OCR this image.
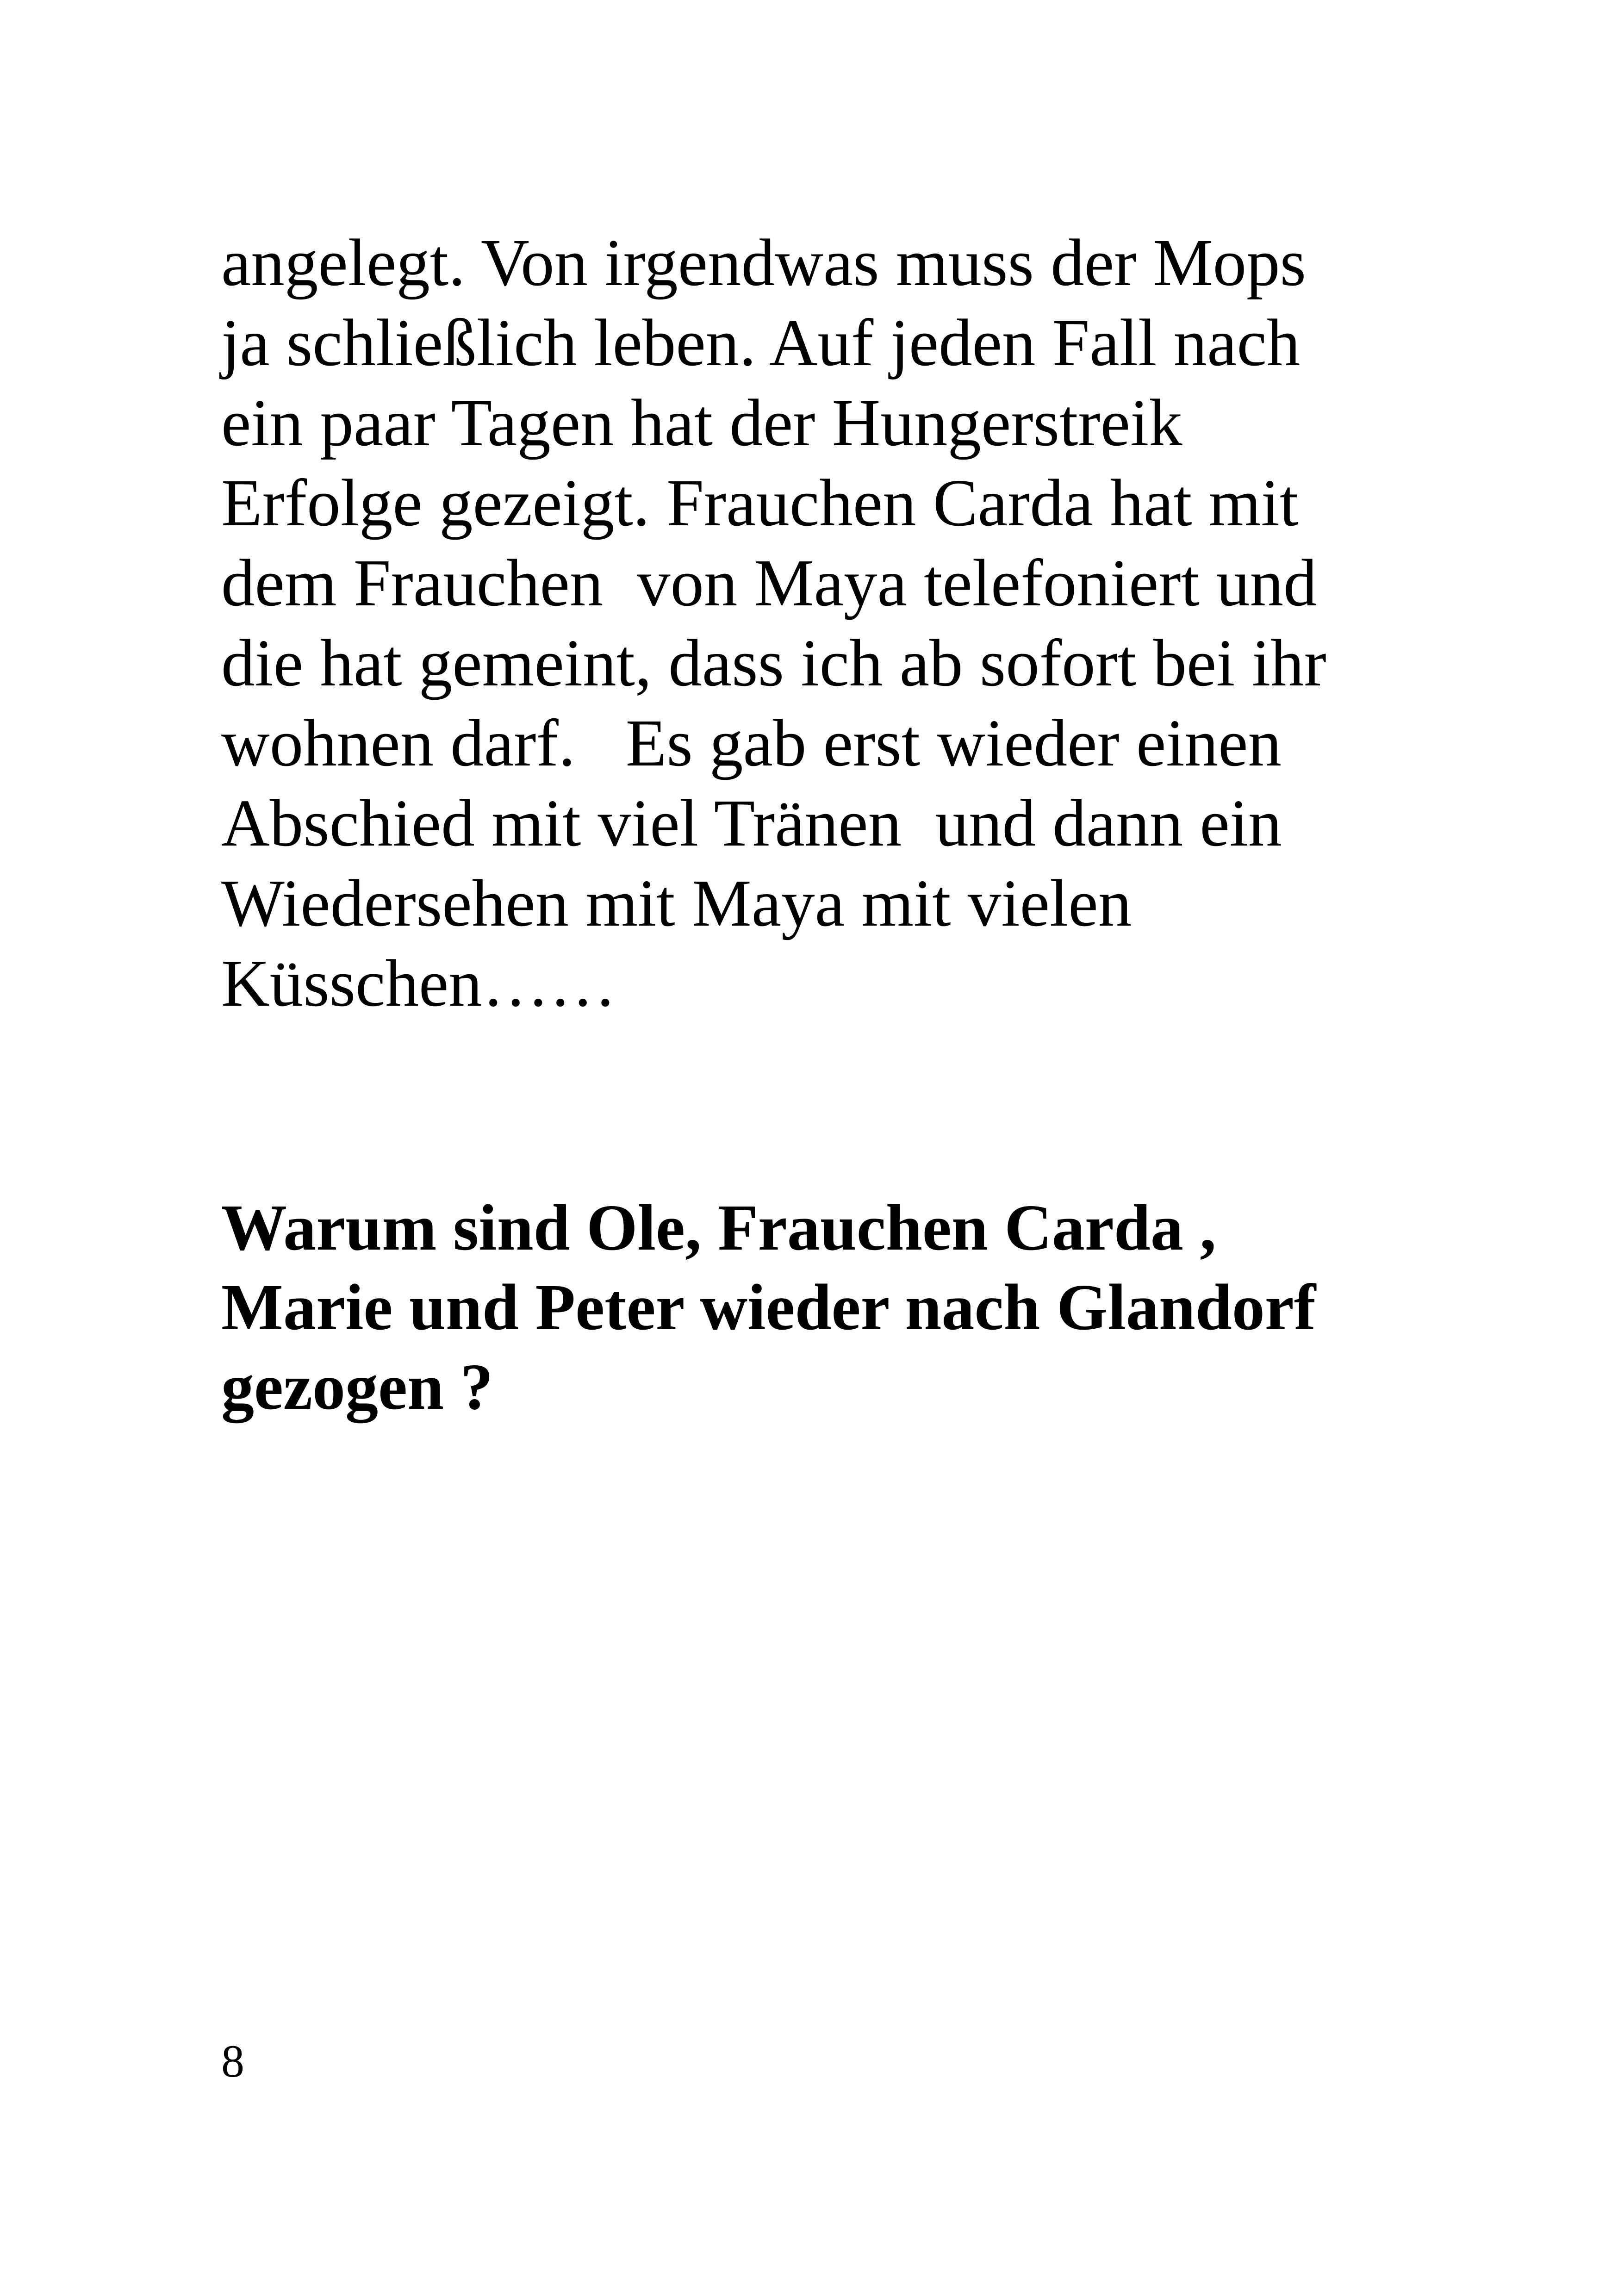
angelegt. Von irgendwas muss der Mops
ja schließlich leben. Auf jeden Fall nach
ein paar Tagen hat der Hungerstreik
Erfolge gezeigt. Frauchen Carda hat mit
dem Frauchen  von Maya telefoniert und
die hat gemeint, dass ich ab sofort bei ihr
wohnen darf.   Es gab erst wieder einen
Abschied mit viel Tränen  und dann ein
Wiedersehen mit Maya mit vielen
Küsschen……
Warum sind Ole, Frauchen Carda ,
Marie und Peter wieder nach Glandorf
gezogen ?
8
